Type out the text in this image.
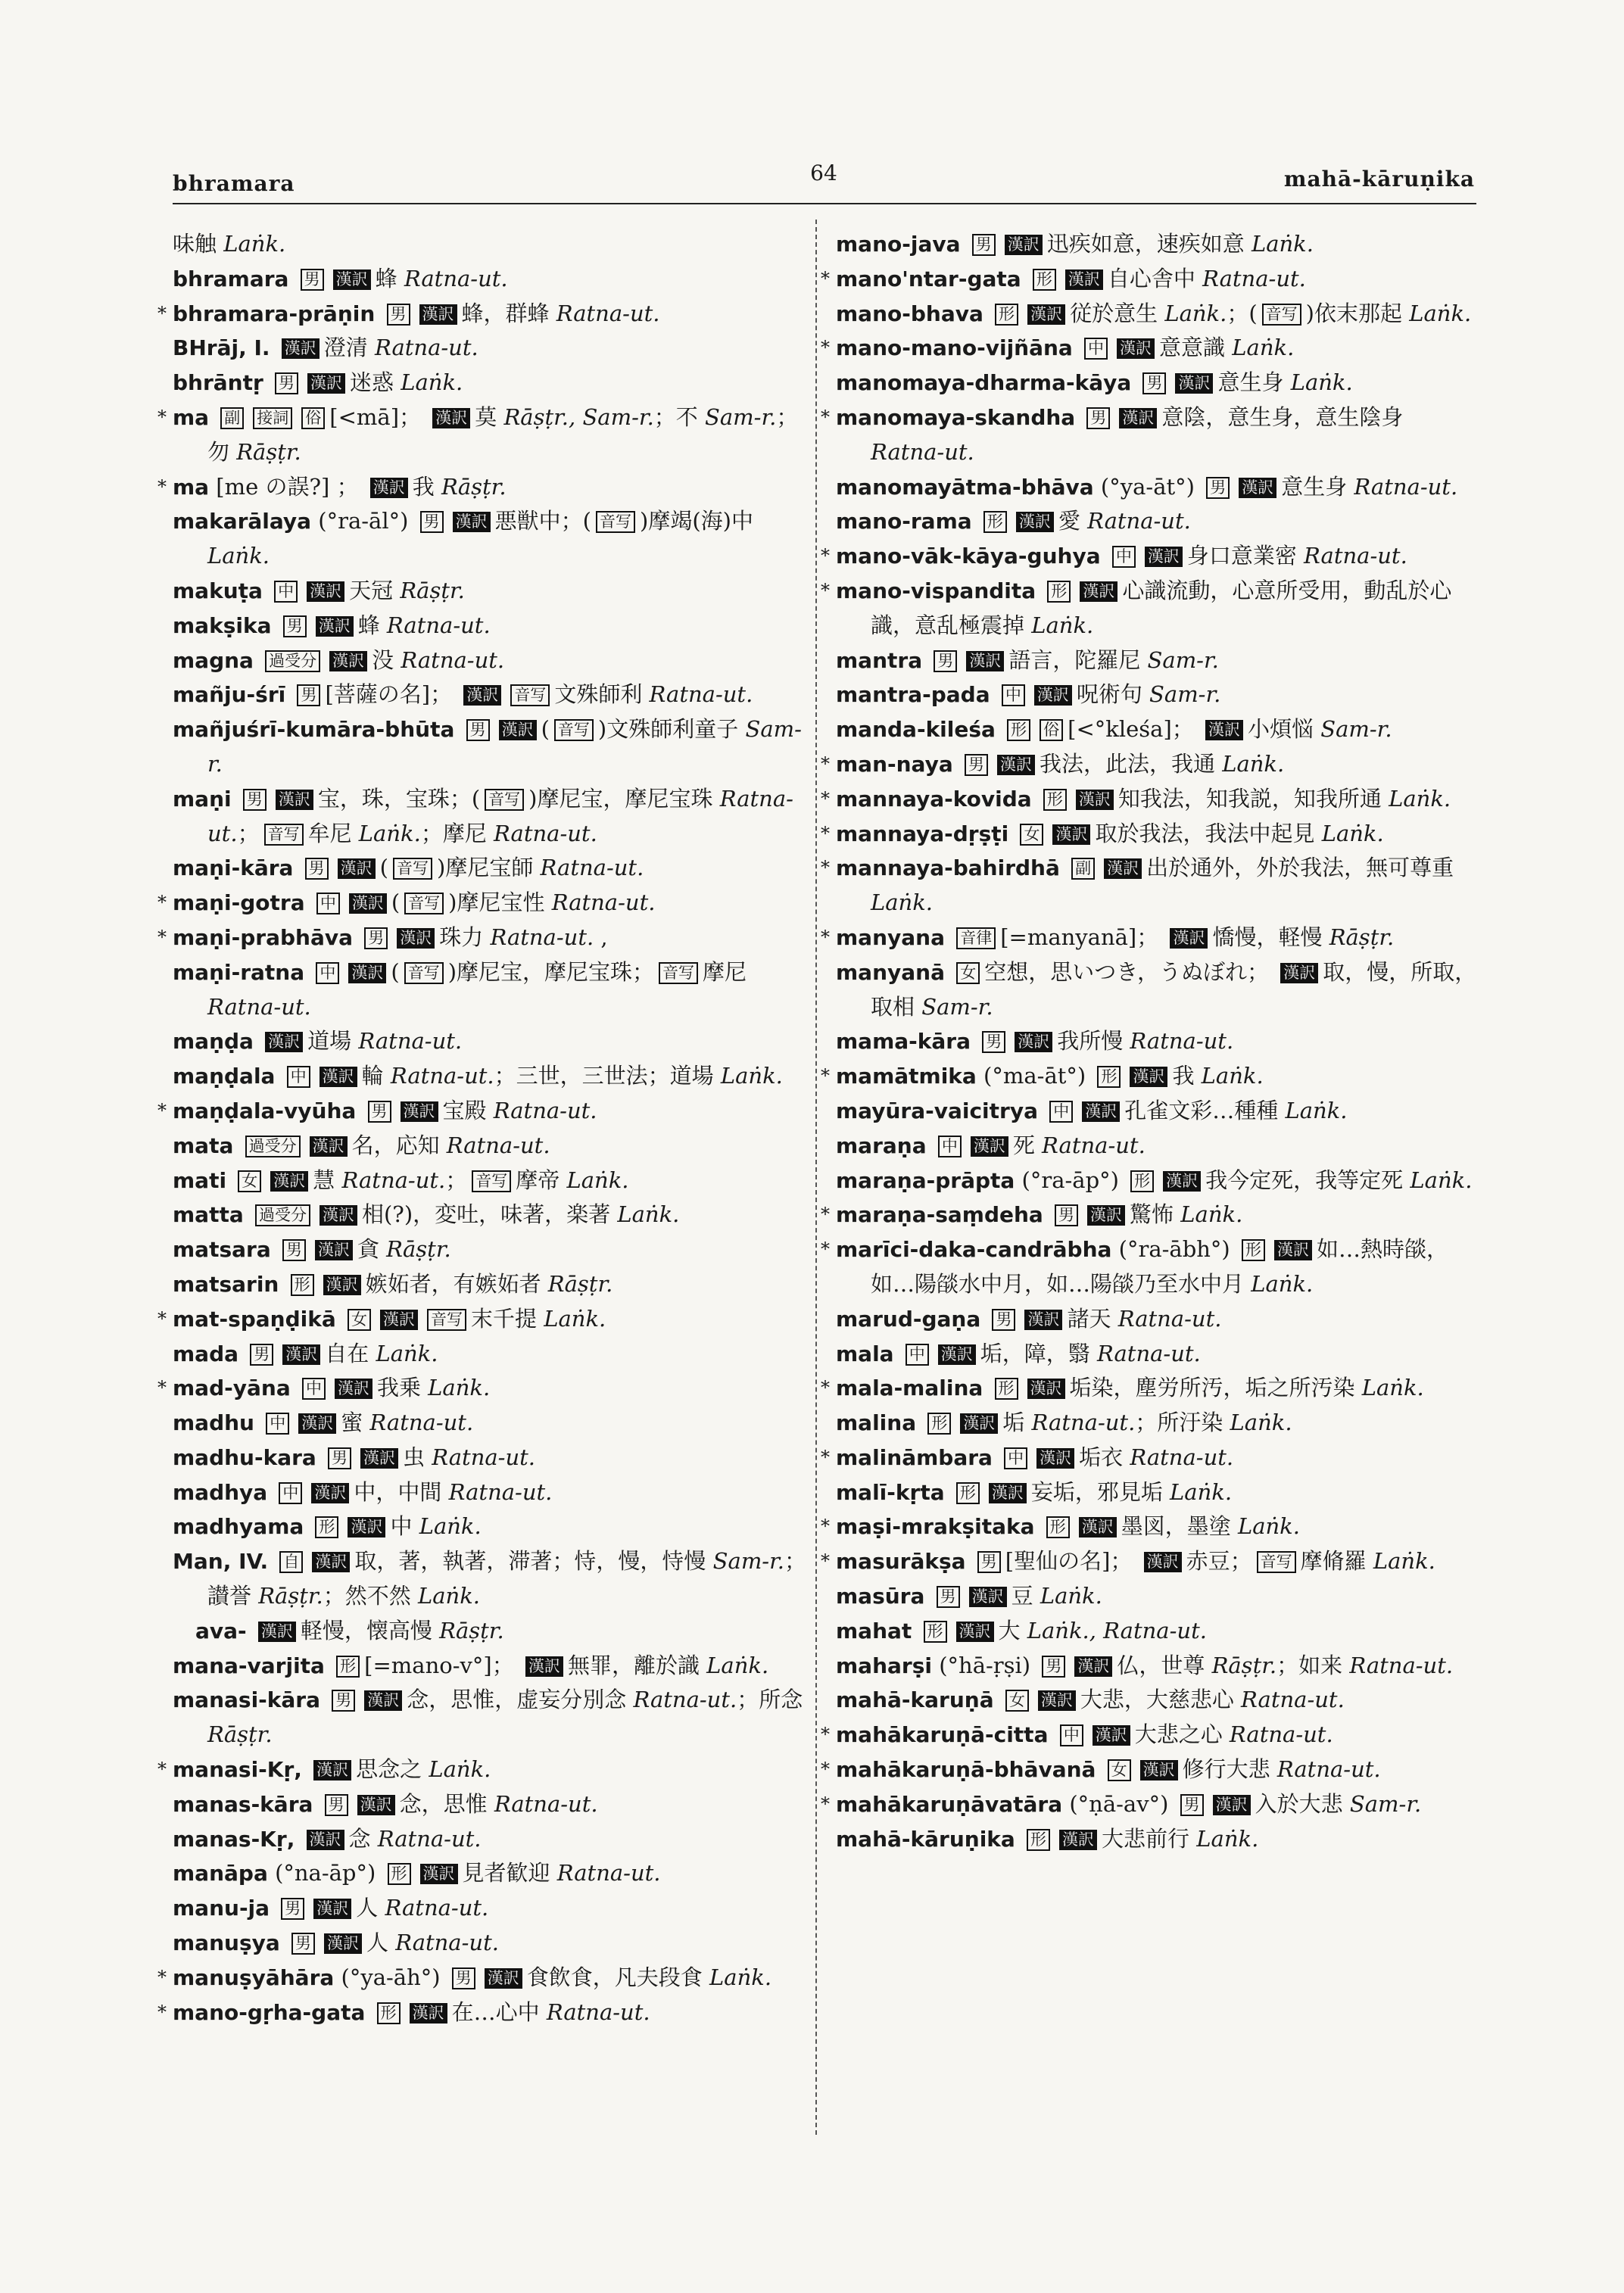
bhramara	64	mahā-kāruṇika
味触 Laṅk.
bhramara 男 漢訳 蜂 Ratna-ut.
* bhramara-prāṇin 男 漢訳 蜂，群蜂 Ratna-ut.
BHrāj, I. 漢訳 澄清 Ratna-ut.
bhrāntṛ 男 漢訳 迷惑 Laṅk.
* ma 副 接詞 俗 [<mā]； 漢訳 莫 Rāṣṭr., Sam-r.；不 Sam-r.；勿 Rāṣṭr.
* ma [me の誤?] ； 漢訳 我 Rāṣṭr.
makarālaya (°ra-āl°) 男 漢訳 悪獣中；( 音写 )摩竭(海)中 Laṅk.
makuṭa 中 漢訳 天冠 Rāṣṭr.
makṣika 男 漢訳 蜂 Ratna-ut.
magna 過受分 漢訳 没 Ratna-ut.
mañju-śrī 男 [菩薩の名]； 漢訳 音写 文殊師利 Ratna-ut.
mañjuśrī-kumāra-bhūta 男 漢訳 ( 音写 )文殊師利童子 Sam-r.
maṇi 男 漢訳 宝，珠，宝珠；( 音写 )摩尼宝，摩尼宝珠 Ratna-ut.； 音写 牟尼 Laṅk.；摩尼 Ratna-ut.
maṇi-kāra 男 漢訳 ( 音写 )摩尼宝師 Ratna-ut.
* maṇi-gotra 中 漢訳 ( 音写 )摩尼宝性 Ratna-ut.
* maṇi-prabhāva 男 漢訳 珠力 Ratna-ut. ,
maṇi-ratna 中 漢訳 ( 音写 )摩尼宝，摩尼宝珠； 音写 摩尼 Ratna-ut.
maṇḍa 漢訳 道場 Ratna-ut.
maṇḍala 中 漢訳 輪 Ratna-ut.；三世，三世法；道場 Laṅk.
* maṇḍala-vyūha 男 漢訳 宝殿 Ratna-ut.
mata 過受分 漢訳 名，応知 Ratna-ut.
mati 女 漢訳 慧 Ratna-ut.； 音写 摩帝 Laṅk.
matta 過受分 漢訳 相(?)，変吐，味著，楽著 Laṅk.
matsara 男 漢訳 貪 Rāṣṭr.
matsarin 形 漢訳 嫉妬者，有嫉妬者 Rāṣṭr.
* mat-spaṇḍikā 女 漢訳 音写 末千提 Laṅk.
mada 男 漢訳 自在 Laṅk.
* mad-yāna 中 漢訳 我乗 Laṅk.
madhu 中 漢訳 蜜 Ratna-ut.
madhu-kara 男 漢訳 虫 Ratna-ut.
madhya 中 漢訳 中，中間 Ratna-ut.
madhyama 形 漢訳 中 Laṅk.
Man, IV. 自 漢訳 取，著，執著，滞著；恃，慢，恃慢 Sam-r.；讃誉 Rāṣṭr.；然不然 Laṅk.
ava- 漢訳 軽慢，懐高慢 Rāṣṭr.
mana-varjita 形 [=mano-v°]； 漢訳 無罪，離於識 Laṅk.
manasi-kāra 男 漢訳 念，思惟，虚妄分別念 Ratna-ut.；所念 Rāṣṭr.
* manasi-Kṛ, 漢訳 思念之 Laṅk.
manas-kāra 男 漢訳 念，思惟 Ratna-ut.
manas-Kṛ, 漢訳 念 Ratna-ut.
manāpa (°na-āp°) 形 漢訳 見者歓迎 Ratna-ut.
manu-ja 男 漢訳 人 Ratna-ut.
manuṣya 男 漢訳 人 Ratna-ut.
* manuṣyāhāra (°ya-āh°) 男 漢訳 食飲食，凡夫段食 Laṅk.
* mano-gṛha-gata 形 漢訳 在…心中 Ratna-ut.
mano-java 男 漢訳 迅疾如意，速疾如意 Laṅk.
* mano'ntar-gata 形 漢訳 自心舎中 Ratna-ut.
mano-bhava 形 漢訳 従於意生 Laṅk.；( 音写 )依末那起 Laṅk.
* mano-mano-vijñāna 中 漢訳 意意識 Laṅk.
manomaya-dharma-kāya 男 漢訳 意生身 Laṅk.
* manomaya-skandha 男 漢訳 意陰，意生身，意生陰身 Ratna-ut.
manomayātma-bhāva (°ya-āt°) 男 漢訳 意生身 Ratna-ut.
mano-rama 形 漢訳 愛 Ratna-ut.
* mano-vāk-kāya-guhya 中 漢訳 身口意業密 Ratna-ut.
* mano-vispandita 形 漢訳 心識流動，心意所受用，動乱於心識，意乱極震掉 Laṅk.
mantra 男 漢訳 語言，陀羅尼 Sam-r.
mantra-pada 中 漢訳 呪術句 Sam-r.
manda-kileśa 形 俗 [<°kleśa]； 漢訳 小煩悩 Sam-r.
* man-naya 男 漢訳 我法，此法，我通 Laṅk.
* mannaya-kovida 形 漢訳 知我法，知我説，知我所通 Laṅk.
* mannaya-dṛṣṭi 女 漢訳 取於我法，我法中起見 Laṅk.
* mannaya-bahirdhā 副 漢訳 出於通外，外於我法，無可尊重 Laṅk.
* manyana 音律 [=manyanā]； 漢訳 憍慢，軽慢 Rāṣṭr.
manyanā 女 空想，思いつき，うぬぼれ； 漢訳 取，慢，所取，取相 Sam-r.
mama-kāra 男 漢訳 我所慢 Ratna-ut.
* mamātmika (°ma-āt°) 形 漢訳 我 Laṅk.
mayūra-vaicitrya 中 漢訳 孔雀文彩…種種 Laṅk.
maraṇa 中 漢訳 死 Ratna-ut.
maraṇa-prāpta (°ra-āp°) 形 漢訳 我今定死，我等定死 Laṅk.
* maraṇa-saṃdeha 男 漢訳 驚怖 Laṅk.
* marīci-daka-candrābha (°ra-ābh°) 形 漢訳 如…熱時燄，如…陽燄水中月，如…陽燄乃至水中月 Laṅk.
marud-gaṇa 男 漢訳 諸天 Ratna-ut.
mala 中 漢訳 垢，障，翳 Ratna-ut.
* mala-malina 形 漢訳 垢染，塵労所汚，垢之所汚染 Laṅk.
malina 形 漢訳 垢 Ratna-ut.；所汙染 Laṅk.
* malināmbara 中 漢訳 垢衣 Ratna-ut.
malī-kṛta 形 漢訳 妄垢，邪見垢 Laṅk.
* maṣi-mrakṣitaka 形 漢訳 墨図，墨塗 Laṅk.
* masurākṣa 男 [聖仙の名]； 漢訳 赤豆； 音写 摩脩羅 Laṅk.
masūra 男 漢訳 豆 Laṅk.
mahat 形 漢訳 大 Laṅk., Ratna-ut.
maharṣi (°hā-ṛṣi) 男 漢訳 仏，世尊 Rāṣṭr.；如来 Ratna-ut.
mahā-karuṇā 女 漢訳 大悲，大慈悲心 Ratna-ut.
* mahākaruṇā-citta 中 漢訳 大悲之心 Ratna-ut.
* mahākaruṇā-bhāvanā 女 漢訳 修行大悲 Ratna-ut.
* mahākaruṇāvatāra (°ṇā-av°) 男 漢訳 入於大悲 Sam-r.
mahā-kāruṇika 形 漢訳 大悲前行 Laṅk.
